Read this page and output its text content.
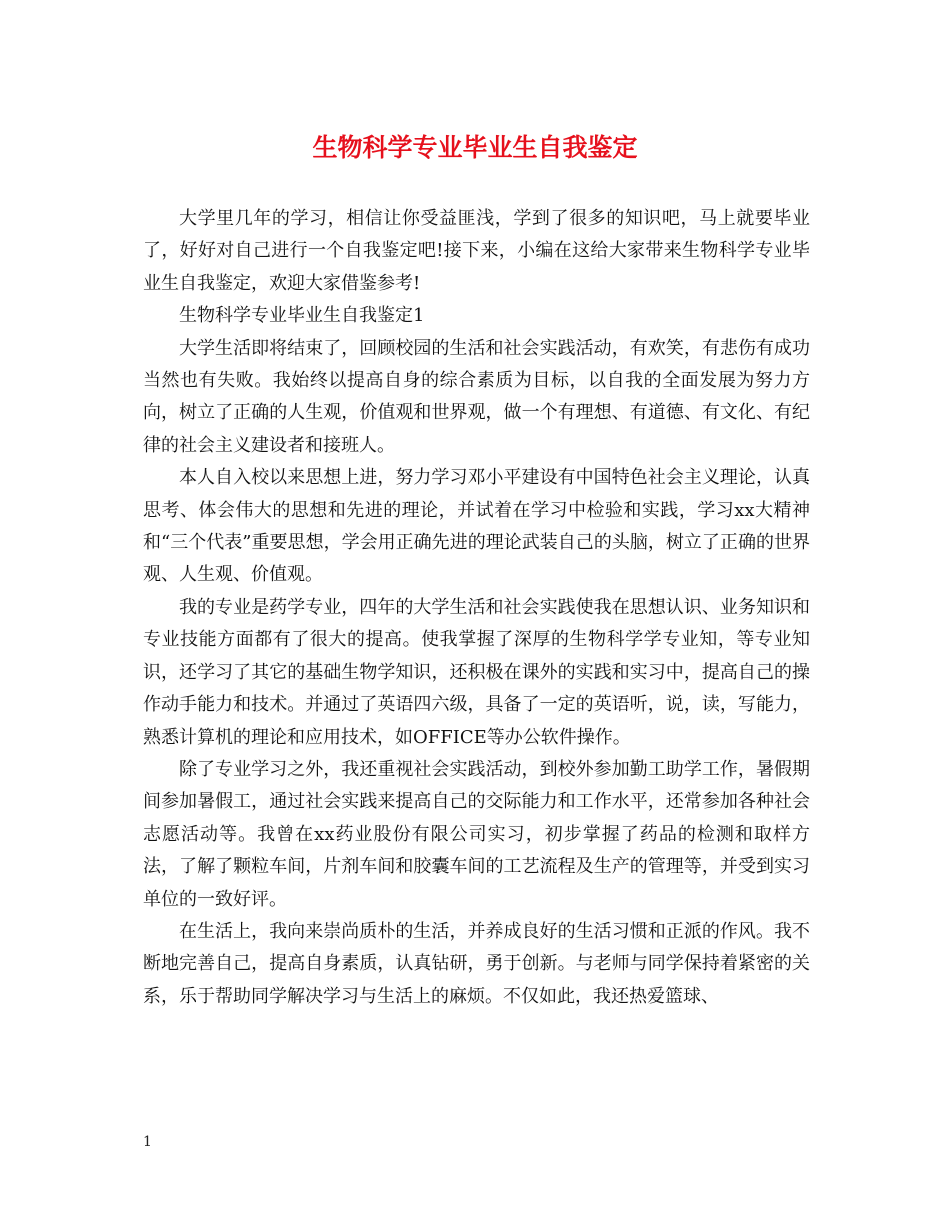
生物科学专业毕业生自我鉴定

大学里几年的学习，相信让你受益匪浅，学到了很多的知识吧，马上就要毕业了，好好对自己进行一个自我鉴定吧!接下来，小编在这给大家带来生物科学专业毕业生自我鉴定，欢迎大家借鉴参考!

生物科学专业毕业生自我鉴定1

大学生活即将结束了，回顾校园的生活和社会实践活动，有欢笑，有悲伤有成功当然也有失败。我始终以提高自身的综合素质为目标，以自我的全面发展为努力方向，树立了正确的人生观，价值观和世界观，做一个有理想、有道德、有文化、有纪律的社会主义建设者和接班人。

本人自入校以来思想上进，努力学习邓小平建设有中国特色社会主义理论，认真思考、体会伟大的思想和先进的理论，并试着在学习中检验和实践，学习xx大精神和“三个代表”重要思想，学会用正确先进的理论武装自己的头脑，树立了正确的世界观、人生观、价值观。

我的专业是药学专业，四年的大学生活和社会实践使我在思想认识、业务知识和专业技能方面都有了很大的提高。使我掌握了深厚的生物科学学专业知，等专业知识，还学习了其它的基础生物学知识，还积极在课外的实践和实习中，提高自己的操作动手能力和技术。并通过了英语四六级，具备了一定的英语听，说，读，写能力，熟悉计算机的理论和应用技术，如OFFICE等办公软件操作。

除了专业学习之外，我还重视社会实践活动，到校外参加勤工助学工作，暑假期间参加暑假工，通过社会实践来提高自己的交际能力和工作水平，还常参加各种社会志愿活动等。我曾在xx药业股份有限公司实习，初步掌握了药品的检测和取样方法，了解了颗粒车间，片剂车间和胶囊车间的工艺流程及生产的管理等，并受到实习单位的一致好评。

在生活上，我向来崇尚质朴的生活，并养成良好的生活习惯和正派的作风。我不断地完善自己，提高自身素质，认真钻研，勇于创新。与老师与同学保持着紧密的关系，乐于帮助同学解决学习与生活上的麻烦。不仅如此，我还热爱篮球、

1
